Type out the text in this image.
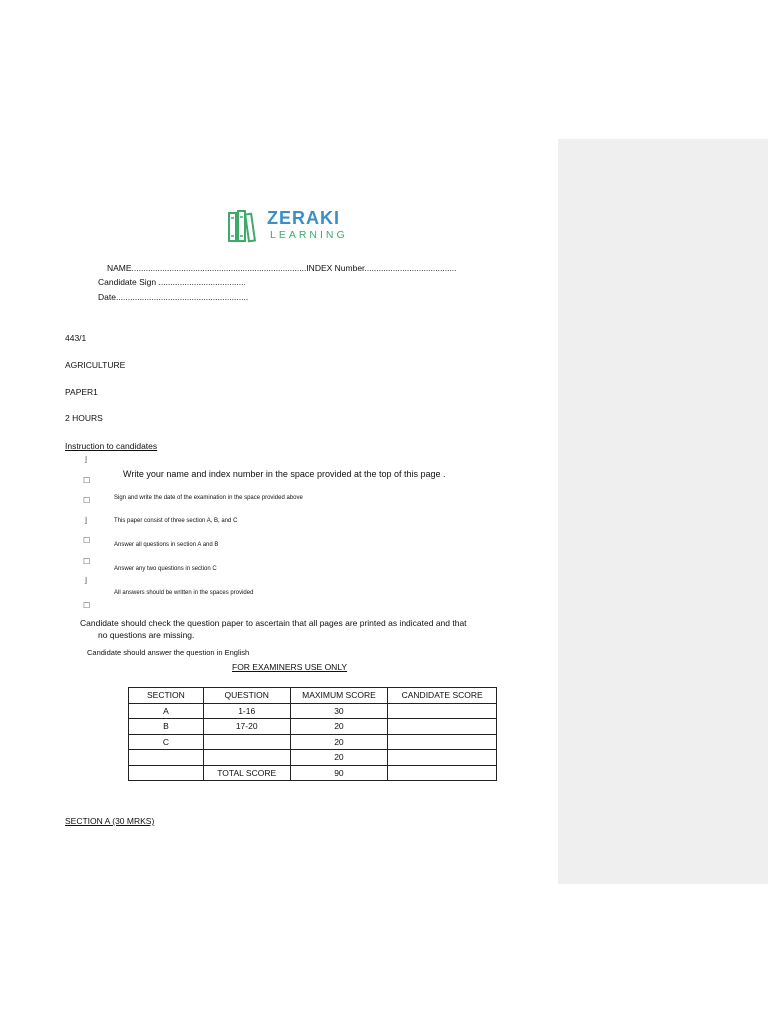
ZERAKI
LEARNING
NAME..........................................................................INDEX Number.......................................
Candidate Sign .....................................
Date........................................................
443/1
AGRICULTURE
PAPER1
2 HOURS
Instruction to candidates
⌋
☐
☐
⌋
☐
☐
⌋
☐
Write your name and index number in the space provided at the top of this page .
Sign and write the date of the examination in the space provided above
This paper consist of three section A, B, and C
Answer all questions in section A and B
Answer any two questions in section C
All answers should be written in the spaces provided
Candidate should check the question paper to ascertain that all pages are printed as indicated and that
no questions are missing.
Candidate should answer the question in English
FOR EXAMINERS USE ONLY
SECTION	QUESTION	MAXIMUM SCORE	CANDIDATE SCORE
A	1-16	30	
B	17-20	20	
C		20	
		20	
	TOTAL SCORE	90	
SECTION A (30 MRKS)
